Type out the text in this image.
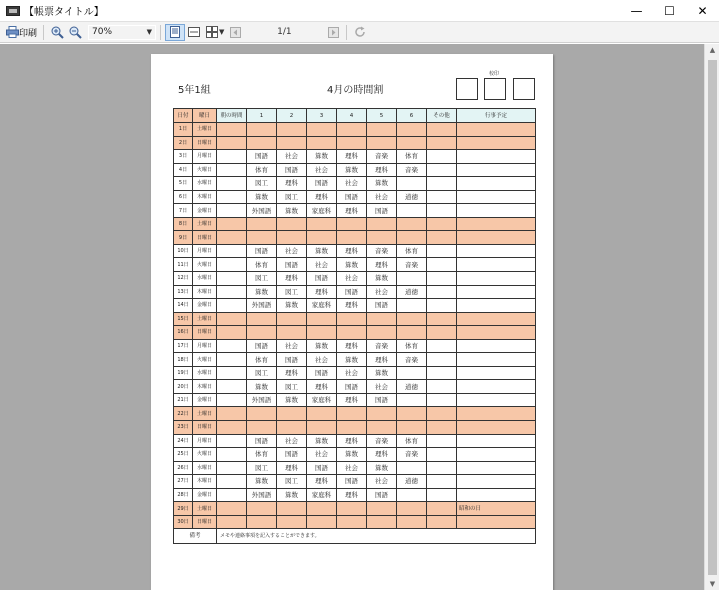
【帳票タイトル】	—	☐	✕
印刷	70%	▼	▼	1/1
5年1組	4月の時間割
校印
日付	曜日	朝の時間	1	2	3	4	5	6	その他	行事予定
1日	土曜日									
2日	日曜日									
3日	月曜日		国語	社会	算数	理科	音楽	体育		
4日	火曜日		体育	国語	社会	算数	理科	音楽		
5日	水曜日		図工	理科	国語	社会	算数			
6日	木曜日		算数	図工	理科	国語	社会	道徳		
7日	金曜日		外国語	算数	家庭科	理科	国語			
8日	土曜日									
9日	日曜日									
10日	月曜日		国語	社会	算数	理科	音楽	体育		
11日	火曜日		体育	国語	社会	算数	理科	音楽		
12日	水曜日		図工	理科	国語	社会	算数			
13日	木曜日		算数	図工	理科	国語	社会	道徳		
14日	金曜日		外国語	算数	家庭科	理科	国語			
15日	土曜日									
16日	日曜日									
17日	月曜日		国語	社会	算数	理科	音楽	体育		
18日	火曜日		体育	国語	社会	算数	理科	音楽		
19日	水曜日		図工	理科	国語	社会	算数			
20日	木曜日		算数	図工	理科	国語	社会	道徳		
21日	金曜日		外国語	算数	家庭科	理科	国語			
22日	土曜日									
23日	日曜日									
24日	月曜日		国語	社会	算数	理科	音楽	体育		
25日	火曜日		体育	国語	社会	算数	理科	音楽		
26日	水曜日		図工	理科	国語	社会	算数			
27日	木曜日		算数	図工	理科	国語	社会	道徳		
28日	金曜日		外国語	算数	家庭科	理科	国語			
29日	土曜日									昭和の日
30日	日曜日									
備考		メモや連絡事項を記入することができます。								
▲
▼
